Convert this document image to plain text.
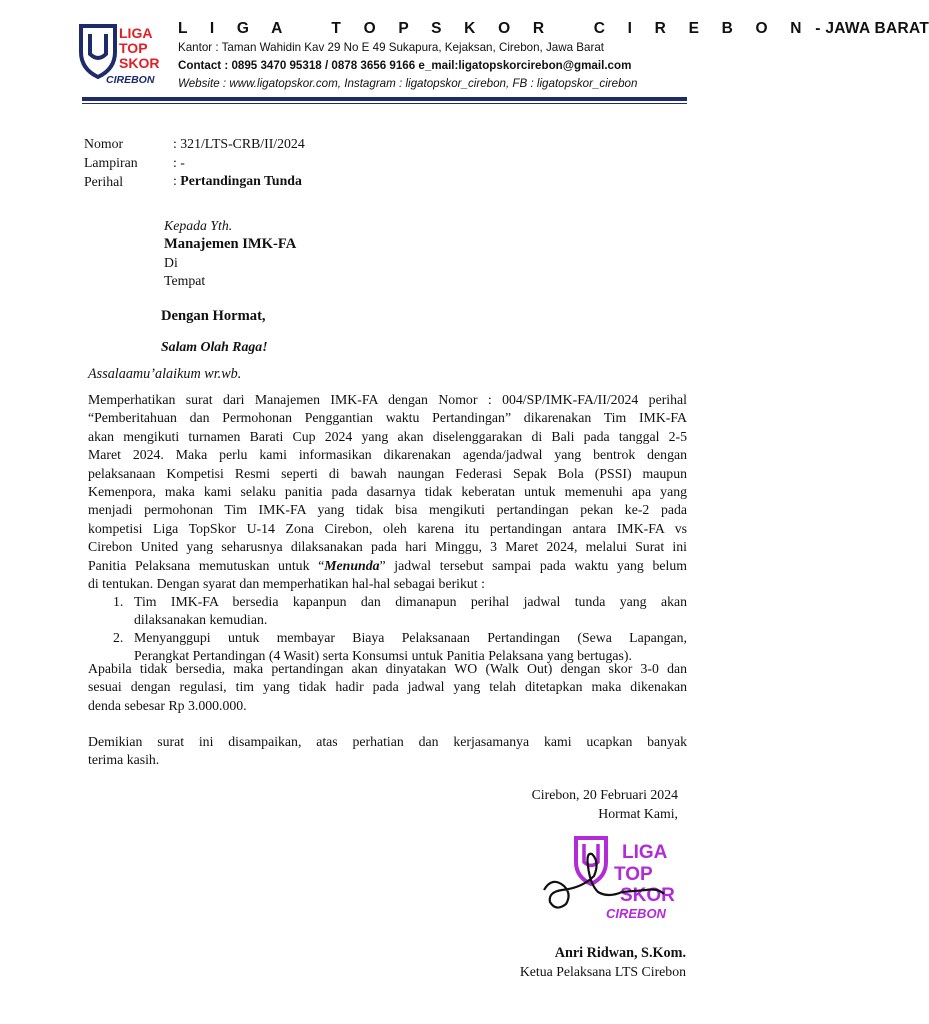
LIGA
TOP
SKOR
CIREBON
L I G A   T O P S K O R   C I R E B O N - JAWA BARAT
Kantor : Taman Wahidin Kav 29 No E 49 Sukapura, Kejaksan, Cirebon, Jawa Barat
Contact : 0895 3470 95318 / 0878 3656 9166 e_mail:ligatopskorcirebon@gmail.com
Website : www.ligatopskor.com, Instagram : ligatopskor_cirebon, FB : ligatopskor_cirebon
Nomor	: 321/LTS-CRB/II/2024
Lampiran	: -
Perihal	: Pertandingan Tunda
Kepada Yth.
Manajemen IMK-FA
Di
Tempat
Dengan Hormat,
Salam Olah Raga!
Assalaamu’alaikum wr.wb.
Memperhatikan surat dari Manajemen IMK-FA dengan Nomor : 004/SP/IMK-FA/II/2024 perihal
“Pemberitahuan dan Permohonan Penggantian waktu Pertandingan” dikarenakan Tim IMK-FA
akan mengikuti turnamen Barati Cup 2024 yang akan diselenggarakan di Bali pada tanggal 2-5
Maret 2024. Maka perlu kami informasikan dikarenakan agenda/jadwal yang bentrok dengan
pelaksanaan Kompetisi Resmi seperti di bawah naungan Federasi Sepak Bola (PSSI) maupun
Kemenpora, maka kami selaku panitia pada dasarnya tidak keberatan untuk memenuhi apa yang
menjadi permohonan Tim IMK-FA yang tidak bisa mengikuti pertandingan pekan ke-2 pada
kompetisi Liga TopSkor U-14 Zona Cirebon, oleh karena itu pertandingan antara IMK-FA vs
Cirebon United yang seharusnya dilaksanakan pada hari Minggu, 3 Maret 2024, melalui Surat ini
Panitia Pelaksana memutuskan untuk “Menunda” jadwal tersebut sampai pada waktu yang belum
di tentukan. Dengan syarat dan memperhatikan hal-hal sebagai berikut :
1. Tim IMK-FA bersedia kapanpun dan dimanapun perihal jadwal tunda yang akan
dilaksanakan kemudian.
2. Menyanggupi untuk membayar Biaya Pelaksanaan Pertandingan (Sewa Lapangan,
Perangkat Pertandingan (4 Wasit) serta Konsumsi untuk Panitia Pelaksana yang bertugas).
Apabila tidak bersedia, maka pertandingan akan dinyatakan WO (Walk Out) dengan skor 3-0 dan
sesuai dengan regulasi, tim yang tidak hadir pada jadwal yang telah ditetapkan maka dikenakan
denda sebesar Rp 3.000.000.
Demikian surat ini disampaikan, atas perhatian dan kerjasamanya kami ucapkan banyak
terima kasih.
Cirebon, 20 Februari 2024
Hormat Kami,
LIGA
TOP
SKOR
CIREBON
Anri Ridwan, S.Kom.
Ketua Pelaksana LTS Cirebon
